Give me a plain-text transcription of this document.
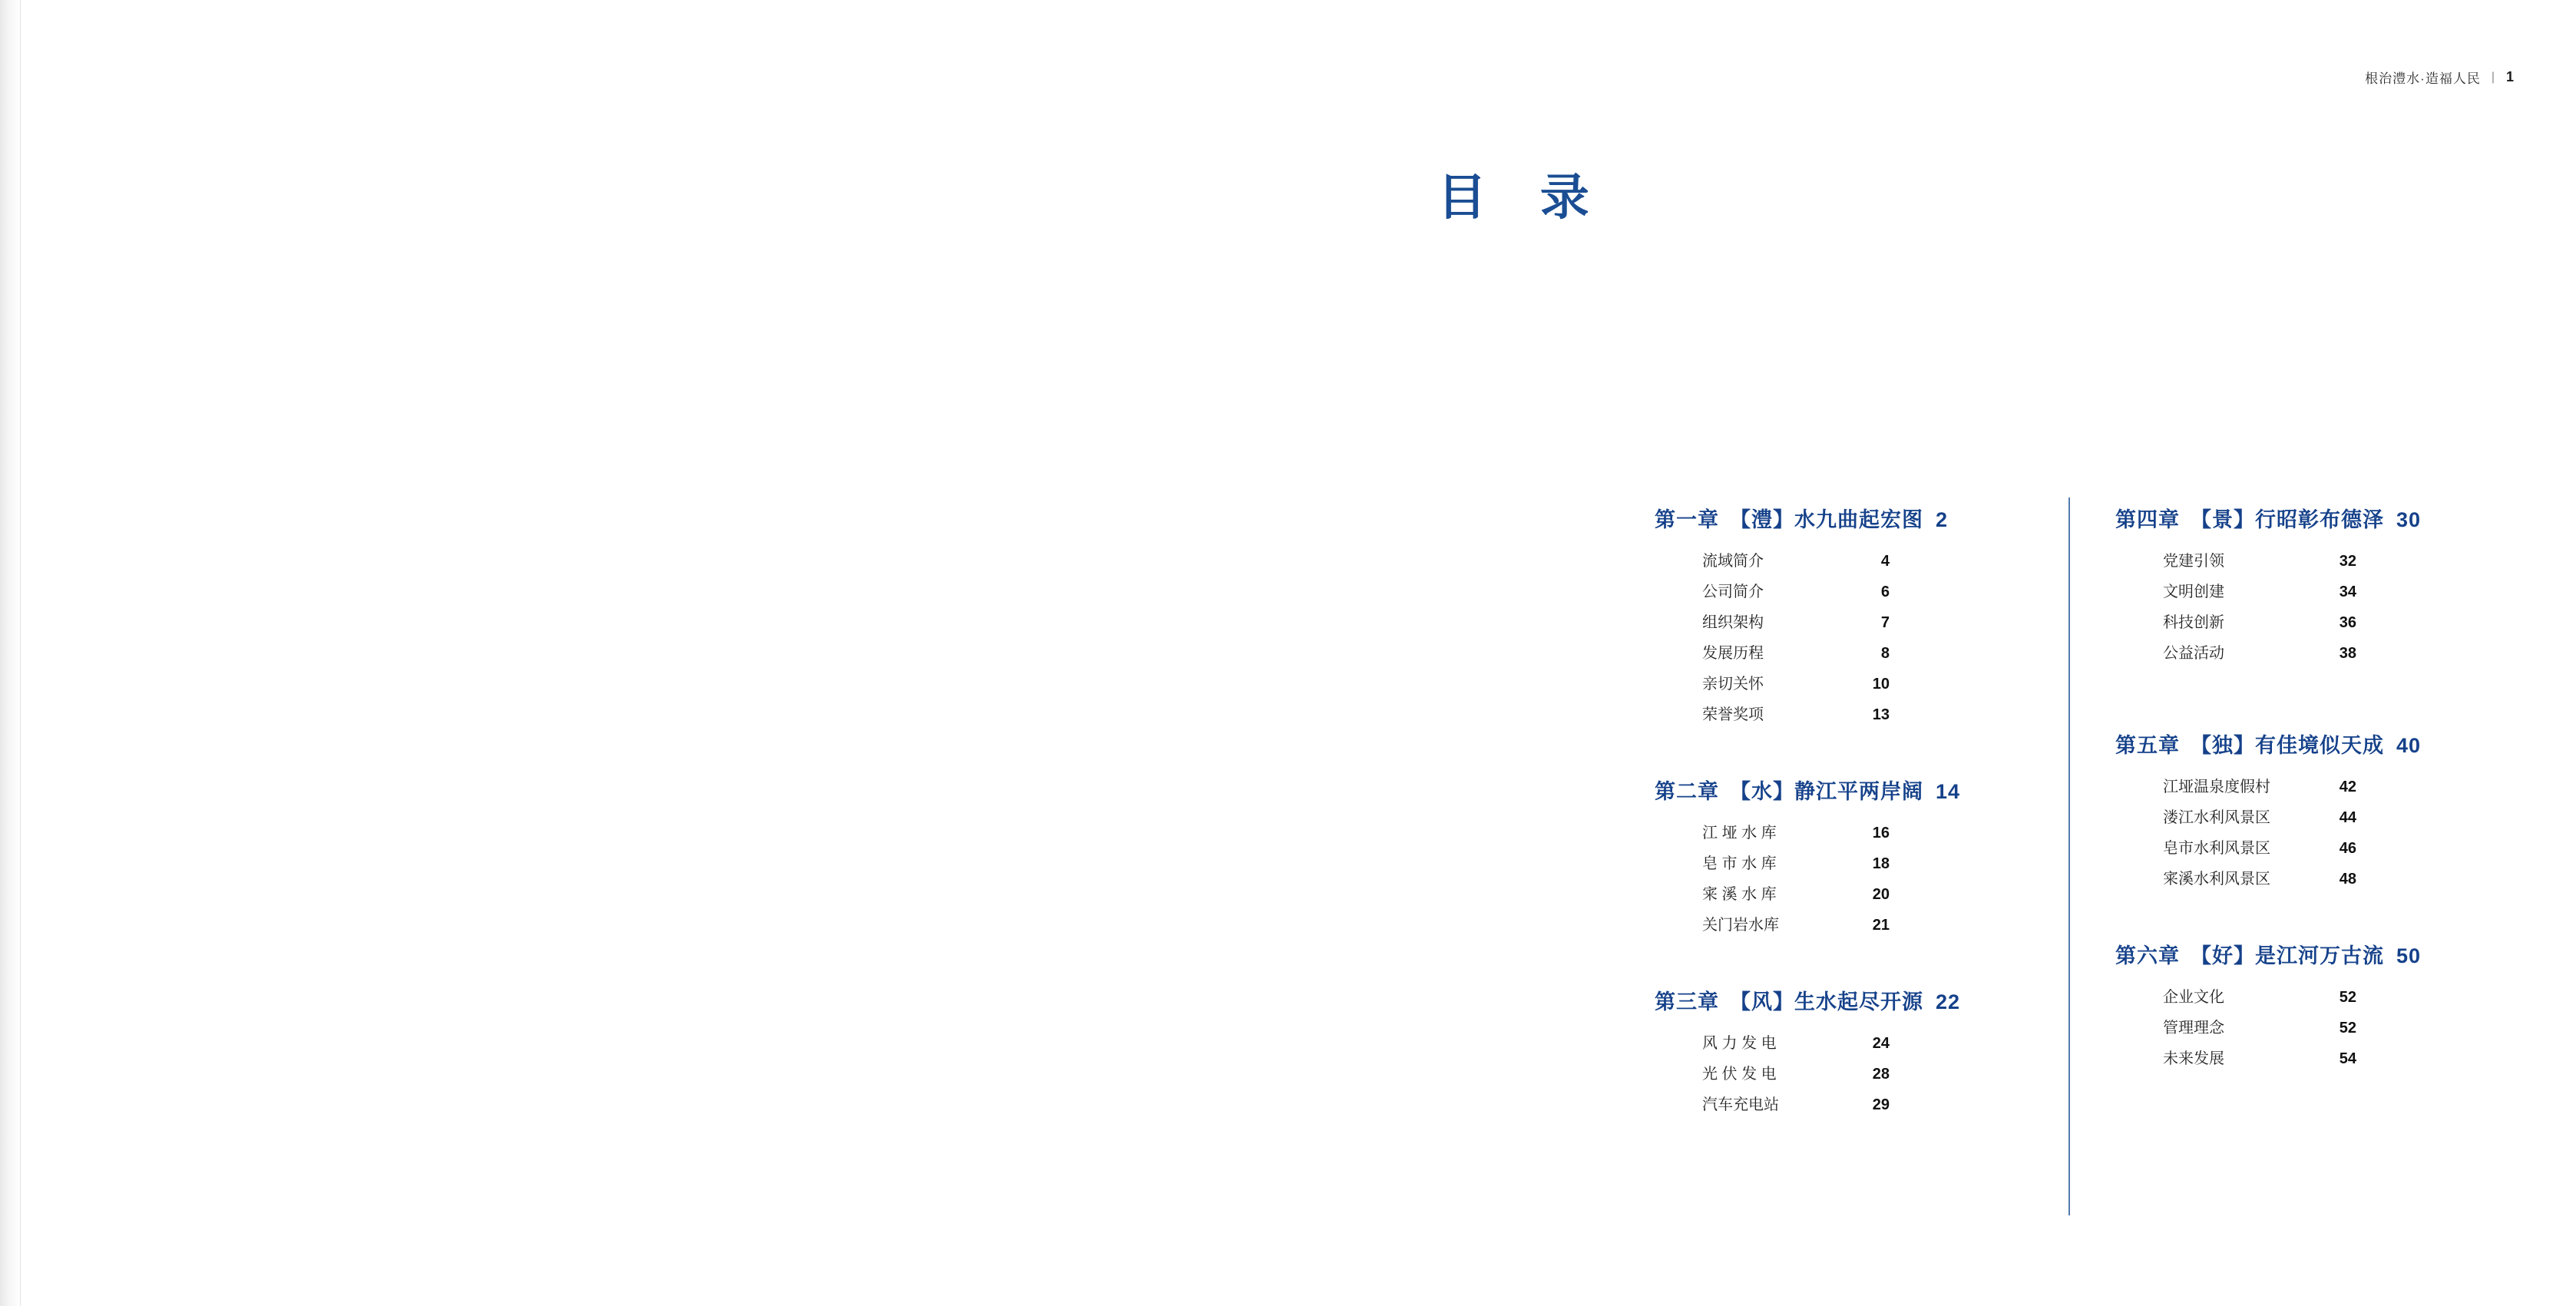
根治澧水·造福人民 | 1
目 录
第一章 【澧】水九曲起宏图 2
流域简介	4
公司简介	6
组织架构	7
发展历程	8
亲切关怀	10
荣誉奖项	13
第二章 【水】静江平两岸阔 14
江 垭 水 库	16
皂 市 水 库	18
宷 溪 水 库	20
关门岩水库	21
第三章 【风】生水起尽开源 22
风 力 发 电	24
光 伏 发 电	28
汽车充电站	29
第四章 【景】行昭彰布德泽 30
党建引领	32
文明创建	34
科技创新	36
公益活动	38
第五章 【独】有佳境似天成 40
江垭温泉度假村	42
溇江水利风景区	44
皂市水利风景区	46
宷溪水利风景区	48
第六章 【好】是江河万古流 50
企业文化	52
管理理念	52
未来发展	54
